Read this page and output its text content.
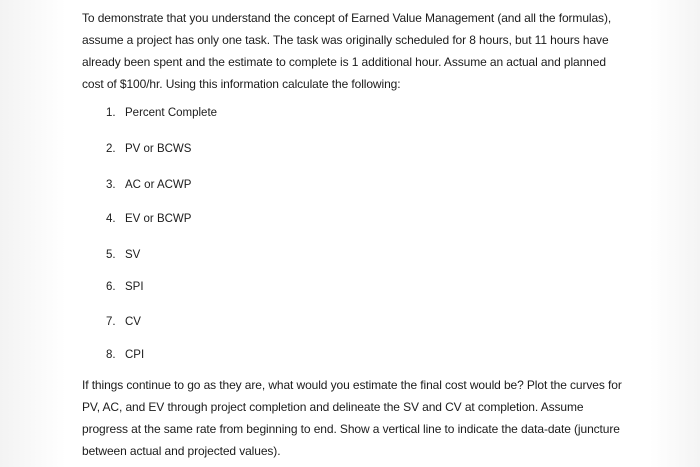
To demonstrate that you understand the concept of Earned Value Management (and all the formulas), assume a project has only one task. The task was originally scheduled for 8 hours, but 11 hours have already been spent and the estimate to complete is 1 additional hour. Assume an actual and planned cost of $100/hr. Using this information calculate the following:

1. Percent Complete
2. PV or BCWS
3. AC or ACWP
4. EV or BCWP
5. SV
6. SPI
7. CV
8. CPI

If things continue to go as they are, what would you estimate the final cost would be? Plot the curves for PV, AC, and EV through project completion and delineate the SV and CV at completion. Assume progress at the same rate from beginning to end. Show a vertical line to indicate the data-date (juncture between actual and projected values).
